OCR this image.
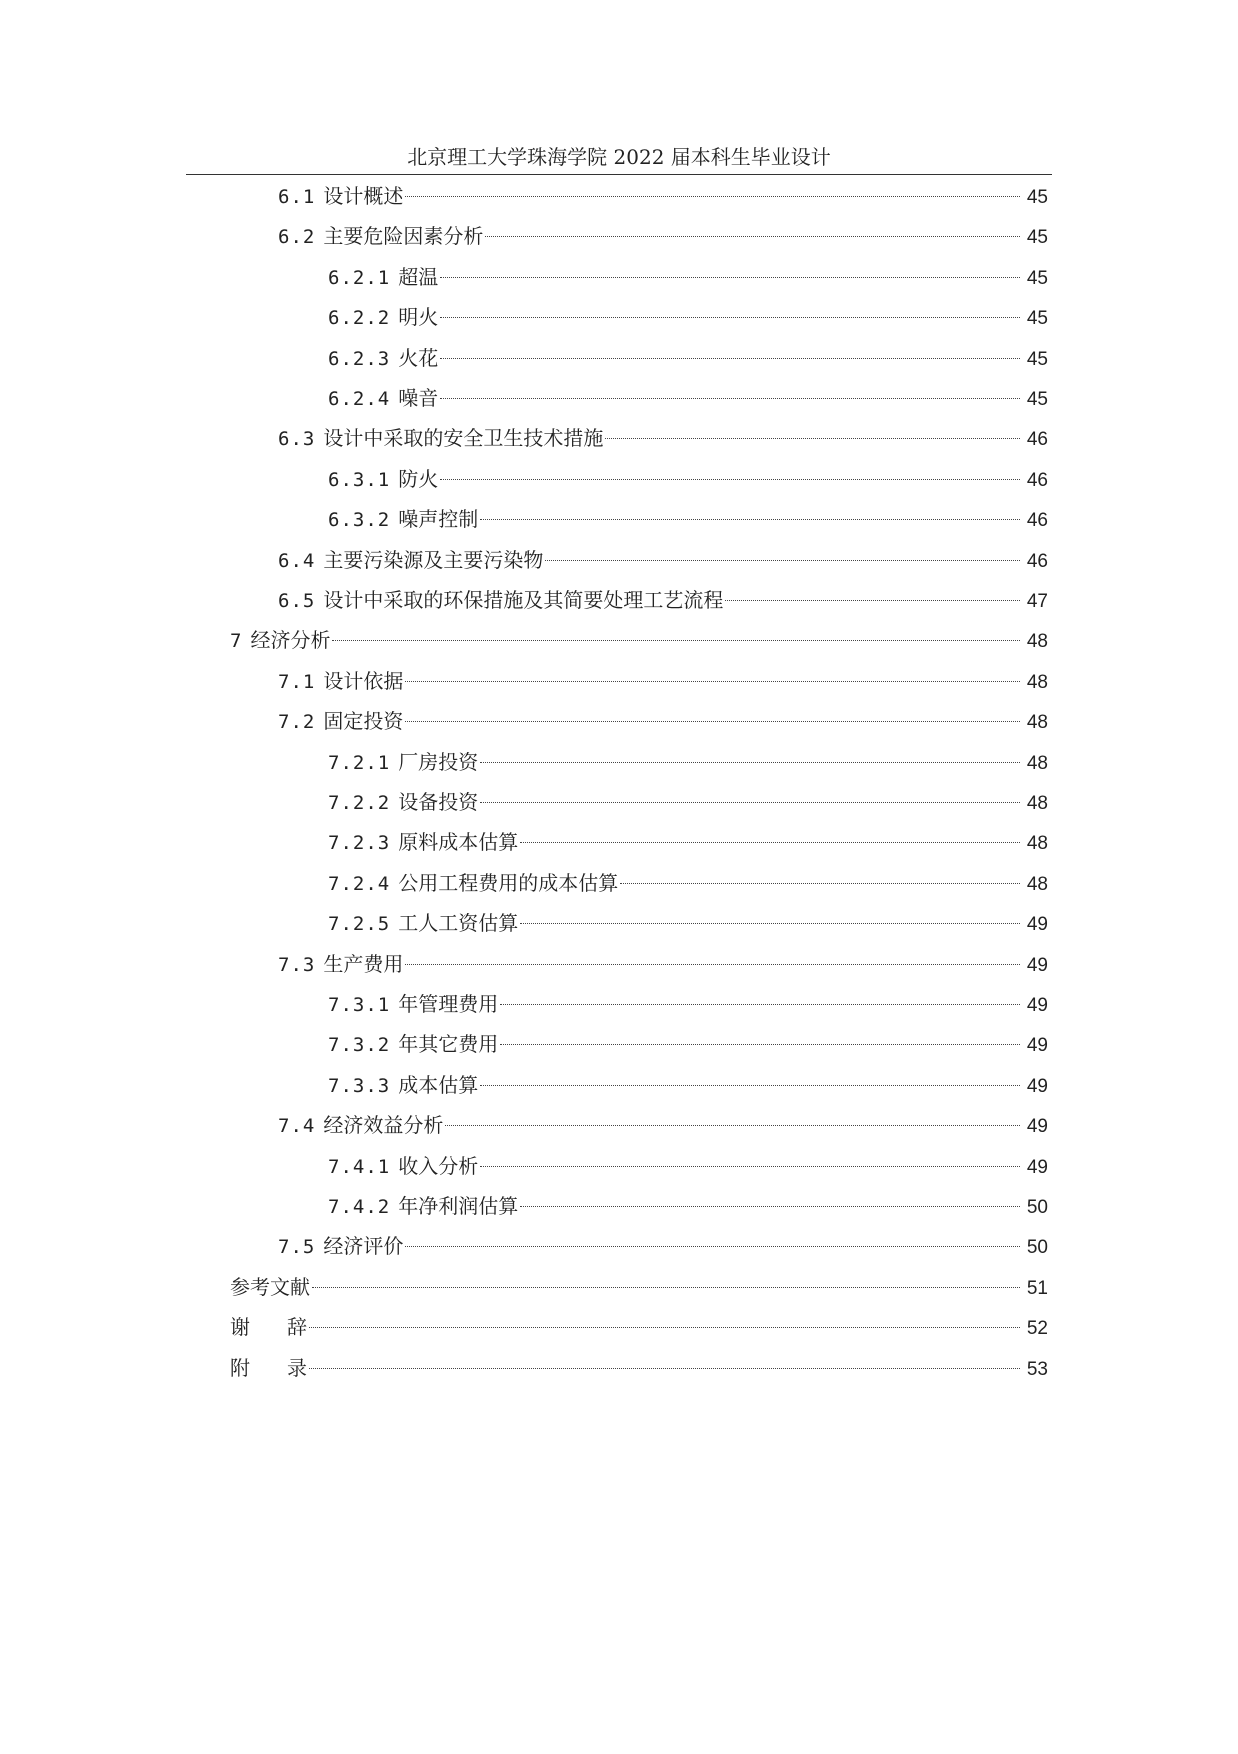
北京理工大学珠海学院 2022 届本科生毕业设计
6.1 设计概述	45
6.2 主要危险因素分析	45
6.2.1 超温	45
6.2.2 明火	45
6.2.3 火花	45
6.2.4 噪音	45
6.3 设计中采取的安全卫生技术措施	46
6.3.1 防火	46
6.3.2 噪声控制	46
6.4 主要污染源及主要污染物	46
6.5 设计中采取的环保措施及其简要处理工艺流程	47
7 经济分析	48
7.1 设计依据	48
7.2 固定投资	48
7.2.1 厂房投资	48
7.2.2 设备投资	48
7.2.3 原料成本估算	48
7.2.4 公用工程费用的成本估算	48
7.2.5 工人工资估算	49
7.3 生产费用	49
7.3.1 年管理费用	49
7.3.2 年其它费用	49
7.3.3 成本估算	49
7.4 经济效益分析	49
7.4.1 收入分析	49
7.4.2 年净利润估算	50
7.5 经济评价	50
参考文献	51
谢辞	52
附录	53
